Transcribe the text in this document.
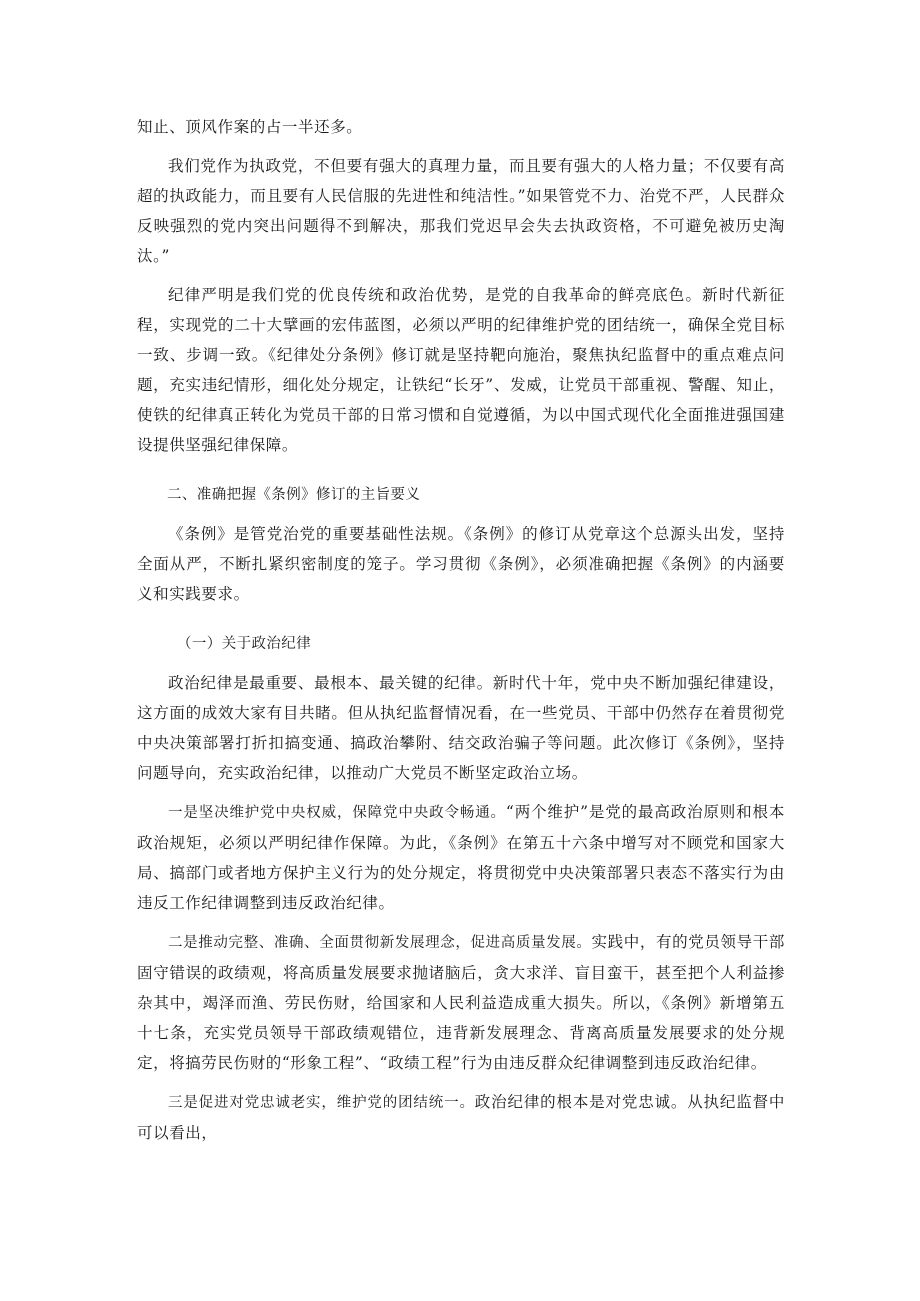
知止、顶风作案的占一半还多。

我们党作为执政党，不但要有强大的真理力量，而且要有强大的人格力量；不仅要有高超的执政能力，而且要有人民信服的先进性和纯洁性。”如果管党不力、治党不严，人民群众反映强烈的党内突出问题得不到解决，那我们党迟早会失去执政资格，不可避免被历史淘汰。”

纪律严明是我们党的优良传统和政治优势，是党的自我革命的鲜亮底色。新时代新征程，实现党的二十大擘画的宏伟蓝图，必须以严明的纪律维护党的团结统一，确保全党目标一致、步调一致。《纪律处分条例》修订就是坚持靶向施治，聚焦执纪监督中的重点难点问题，充实违纪情形，细化处分规定，让铁纪“长牙”、发威，让党员干部重视、警醒、知止，使铁的纪律真正转化为党员干部的日常习惯和自觉遵循，为以中国式现代化全面推进强国建设提供坚强纪律保障。

二、准确把握《条例》修订的主旨要义

《条例》是管党治党的重要基础性法规。《条例》的修订从党章这个总源头出发，坚持全面从严，不断扎紧织密制度的笼子。学习贯彻《条例》，必须准确把握《条例》的内涵要义和实践要求。

（一）关于政治纪律

政治纪律是最重要、最根本、最关键的纪律。新时代十年，党中央不断加强纪律建设，这方面的成效大家有目共睹。但从执纪监督情况看，在一些党员、干部中仍然存在着贯彻党中央决策部署打折扣搞变通、搞政治攀附、结交政治骗子等问题。此次修订《条例》，坚持问题导向，充实政治纪律，以推动广大党员不断坚定政治立场。

一是坚决维护党中央权威，保障党中央政令畅通。“两个维护”是党的最高政治原则和根本政治规矩，必须以严明纪律作保障。为此，《条例》在第五十六条中增写对不顾党和国家大局、搞部门或者地方保护主义行为的处分规定，将贯彻党中央决策部署只表态不落实行为由违反工作纪律调整到违反政治纪律。

二是推动完整、准确、全面贯彻新发展理念，促进高质量发展。实践中，有的党员领导干部固守错误的政绩观，将高质量发展要求抛诸脑后，贪大求洋、盲目蛮干，甚至把个人利益掺杂其中，竭泽而渔、劳民伤财，给国家和人民利益造成重大损失。所以，《条例》新增第五十七条，充实党员领导干部政绩观错位，违背新发展理念、背离高质量发展要求的处分规定，将搞劳民伤财的“形象工程”、“政绩工程”行为由违反群众纪律调整到违反政治纪律。

三是促进对党忠诚老实，维护党的团结统一。政治纪律的根本是对党忠诚。从执纪监督中可以看出，
